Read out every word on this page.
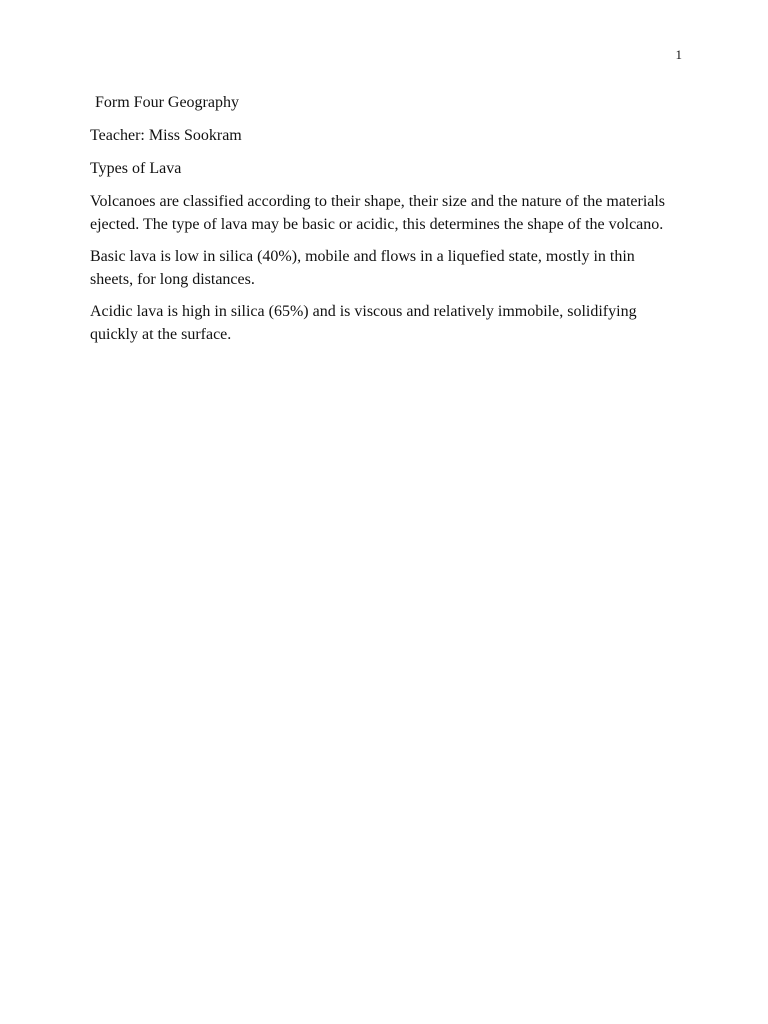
1

Form Four Geography

Teacher: Miss Sookram

Types of Lava

Volcanoes are classified according to their shape, their size and the nature of the materials ejected. The type of lava may be basic or acidic, this determines the shape of the volcano.

Basic lava is low in silica (40%), mobile and flows in a liquefied state, mostly in thin sheets, for long distances.

Acidic lava is high in silica (65%) and is viscous and relatively immobile, solidifying quickly at the surface.
